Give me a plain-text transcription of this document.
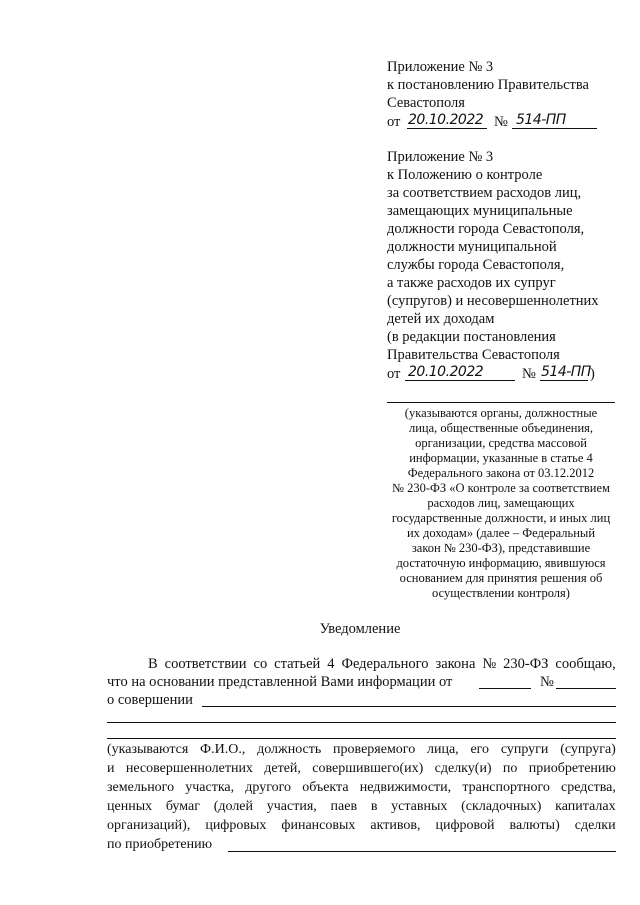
Приложение № 3
к постановлению Правительства
Севастополя
от 20.10.2022 № 514-ПП
Приложение № 3
к Положению о контроле
за соответствием расходов лиц,
замещающих муниципальные
должности города Севастополя,
должности муниципальной
службы города Севастополя,
а также расходов их супруг
(супругов) и несовершеннолетних
детей их доходам
(в редакции постановления
Правительства Севастополя
от 20.10.2022	№ 514-ПП )
(указываются органы, должностные
лица, общественные объединения,
организации, средства массовой
информации, указанные в статье 4
Федерального закона от 03.12.2012
№ 230-ФЗ «О контроле за соответствием
расходов лиц, замещающих
государственные должности, и иных лиц
их доходам» (далее – Федеральный
закон № 230-ФЗ), представившие
достаточную информацию, явившуюся
основанием для принятия решения об
осуществлении контроля)
Уведомление
В соответствии со статьей 4 Федерального закона № 230-ФЗ сообщаю,
что на основании представленной Вами информации от	№
о совершении
(указываются Ф.И.О., должность проверяемого лица, его супруги (супруга)
и несовершеннолетних детей, совершившего(их) сделку(и) по приобретению
земельного участка, другого объекта недвижимости, транспортного средства,
ценных бумаг (долей участия, паев в уставных (складочных) капиталах
организаций), цифровых финансовых активов, цифровой валюты) сделки
по приобретению
